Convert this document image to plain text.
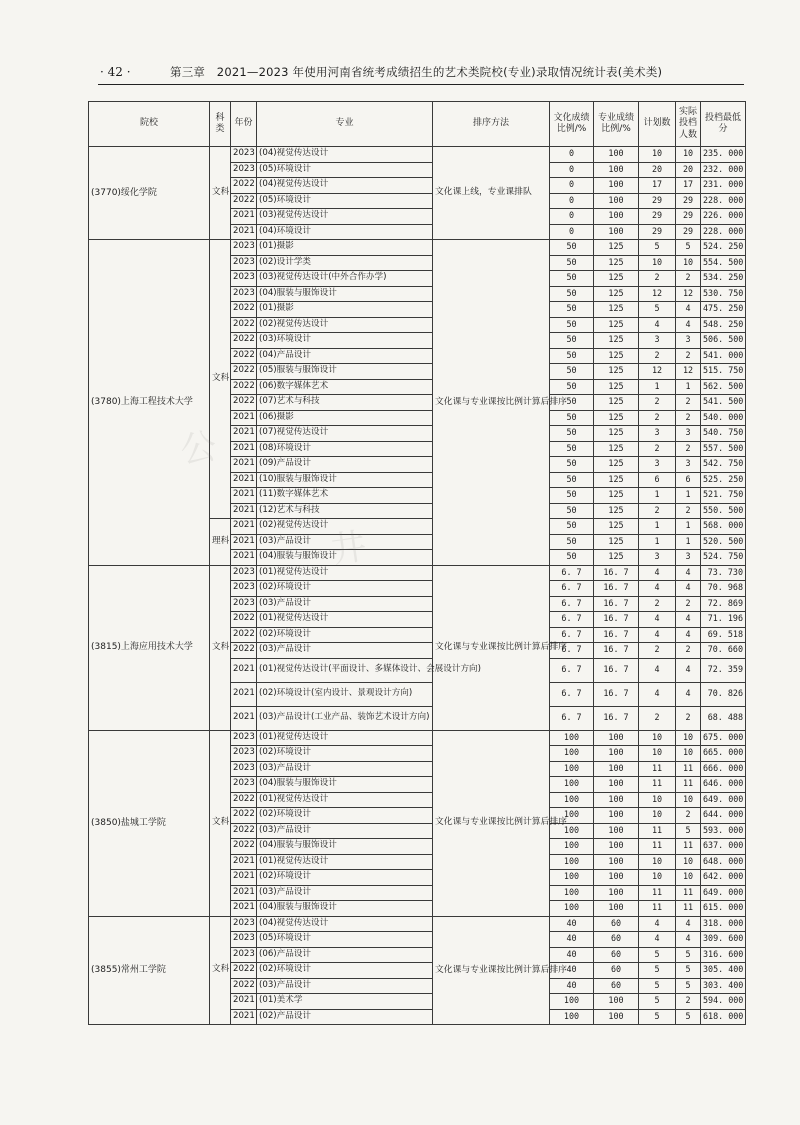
· 42 ·	第三章　2021—2023 年使用河南省统考成绩招生的艺术类院校(专业)录取情况统计表(美术类)
院校	科类	年份	专业	排序方法	文化成绩比例/%	专业成绩比例/%	计划数	实际投档人数	投档最低分
(3770)绥化学院	文科	2023	(04)视觉传达设计	文化课上线，专业课排队	0	100	10	10	235. 000
		2023	(05)环境设计		0	100	20	20	232. 000
		2022	(04)视觉传达设计		0	100	17	17	231. 000
		2022	(05)环境设计		0	100	29	29	228. 000
		2021	(03)视觉传达设计		0	100	29	29	226. 000
		2021	(04)环境设计		0	100	29	29	228. 000
(3780)上海工程技术大学	文科	2023	(01)摄影	文化课与专业课按比例计算后排序	50	125	5	5	524. 250
		2023	(02)设计学类		50	125	10	10	554. 500
		2023	(03)视觉传达设计(中外合作办学)		50	125	2	2	534. 250
		2023	(04)服装与服饰设计		50	125	12	12	530. 750
		2022	(01)摄影		50	125	5	4	475. 250
		2022	(02)视觉传达设计		50	125	4	4	548. 250
		2022	(03)环境设计		50	125	3	3	506. 500
		2022	(04)产品设计		50	125	2	2	541. 000
		2022	(05)服装与服饰设计		50	125	12	12	515. 750
		2022	(06)数字媒体艺术		50	125	1	1	562. 500
		2022	(07)艺术与科技		50	125	2	2	541. 500
		2021	(06)摄影		50	125	2	2	540. 000
		2021	(07)视觉传达设计		50	125	3	3	540. 750
		2021	(08)环境设计		50	125	2	2	557. 500
		2021	(09)产品设计		50	125	3	3	542. 750
		2021	(10)服装与服饰设计		50	125	6	6	525. 250
		2021	(11)数字媒体艺术		50	125	1	1	521. 750
		2021	(12)艺术与科技		50	125	2	2	550. 500
	理科	2021	(02)视觉传达设计		50	125	1	1	568. 000
		2021	(03)产品设计		50	125	1	1	520. 500
		2021	(04)服装与服饰设计		50	125	3	3	524. 750
(3815)上海应用技术大学	文科	2023	(01)视觉传达设计	文化课与专业课按比例计算后排序	6. 7	16. 7	4	4	73. 730
		2023	(02)环境设计		6. 7	16. 7	4	4	70. 968
		2023	(03)产品设计		6. 7	16. 7	2	2	72. 869
		2022	(01)视觉传达设计		6. 7	16. 7	4	4	71. 196
		2022	(02)环境设计		6. 7	16. 7	4	4	69. 518
		2022	(03)产品设计		6. 7	16. 7	2	2	70. 660
		2021	(01)视觉传达设计(平面设计、多媒体设计、会展设计方向)		6. 7	16. 7	4	4	72. 359
		2021	(02)环境设计(室内设计、景观设计方向)		6. 7	16. 7	4	4	70. 826
		2021	(03)产品设计(工业产品、装饰艺术设计方向)		6. 7	16. 7	2	2	68. 488
(3850)盐城工学院	文科	2023	(01)视觉传达设计	文化课与专业课按比例计算后排序	100	100	10	10	675. 000
		2023	(02)环境设计		100	100	10	10	665. 000
		2023	(03)产品设计		100	100	11	11	666. 000
		2023	(04)服装与服饰设计		100	100	11	11	646. 000
		2022	(01)视觉传达设计		100	100	10	10	649. 000
		2022	(02)环境设计		100	100	10	2	644. 000
		2022	(03)产品设计		100	100	11	5	593. 000
		2022	(04)服装与服饰设计		100	100	11	11	637. 000
		2021	(01)视觉传达设计		100	100	10	10	648. 000
		2021	(02)环境设计		100	100	10	10	642. 000
		2021	(03)产品设计		100	100	11	11	649. 000
		2021	(04)服装与服饰设计		100	100	11	11	615. 000
(3855)常州工学院	文科	2023	(04)视觉传达设计	文化课与专业课按比例计算后排序	40	60	4	4	318. 000
		2023	(05)环境设计		40	60	4	4	309. 600
		2023	(06)产品设计		40	60	5	5	316. 600
		2022	(02)环境设计		40	60	5	5	305. 400
		2022	(03)产品设计		40	60	5	5	303. 400
		2021	(01)美术学		100	100	5	2	594. 000
		2021	(02)产品设计		100	100	5	5	618. 000
公
井
